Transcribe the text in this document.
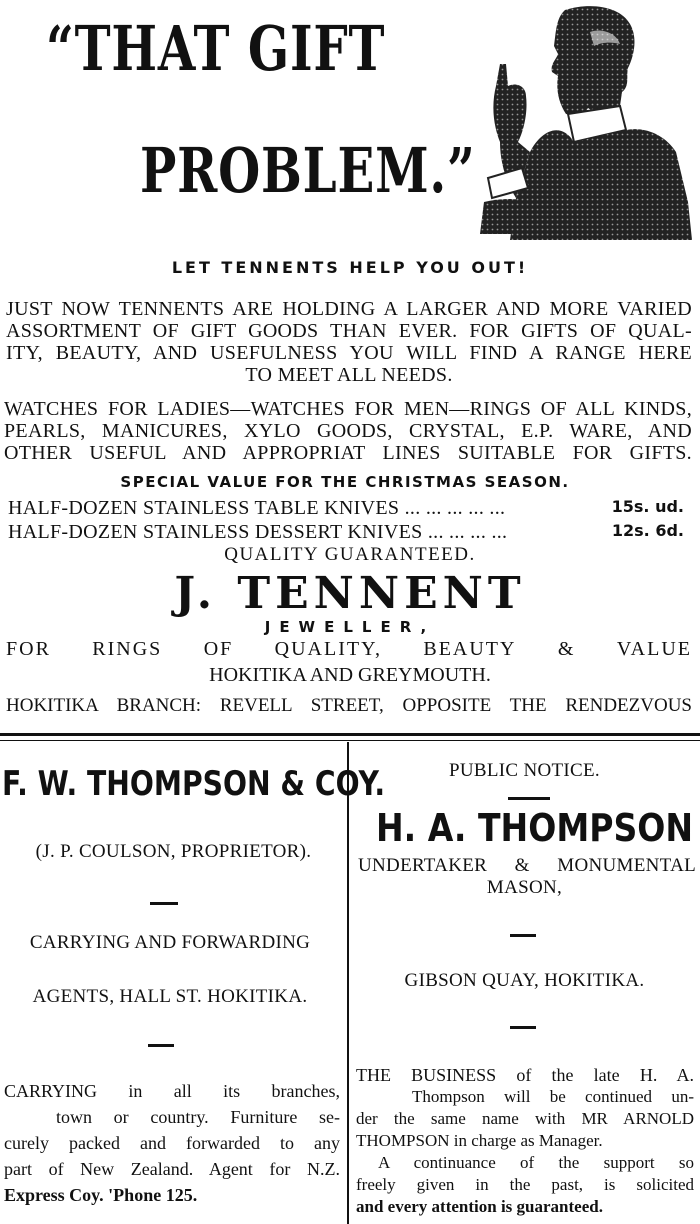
“THAT GIFT
PROBLEM.”
LET TENNENTS HELP YOU OUT!
JUST NOW TENNENTS ARE HOLDING A LARGER AND MORE VARIED
ASSORTMENT OF GIFT GOODS THAN EVER. FOR GIFTS OF QUAL-
ITY, BEAUTY, AND USEFULNESS YOU WILL FIND A RANGE HERE
TO MEET ALL NEEDS.
WATCHES FOR LADIES—WATCHES FOR MEN—RINGS OF ALL KINDS,
PEARLS, MANICURES, XYLO GOODS, CRYSTAL, E.P. WARE, AND
OTHER USEFUL AND APPROPRIAT LINES SUITABLE FOR GIFTS.
SPECIAL VALUE FOR THE CHRISTMAS SEASON.
HALF-DOZEN STAINLESS TABLE KNIVES ... ... ... ... ...	15s. ud.
HALF-DOZEN STAINLESS DESSERT KNIVES ... ... ... ...	12s. 6d.
QUALITY GUARANTEED.
J. TENNENT
JEWELLER,
FOR RINGS OF QUALITY, BEAUTY & VALUE
HOKITIKA AND GREYMOUTH.
HOKITIKA BRANCH: REVELL STREET, OPPOSITE THE RENDEZVOUS
F. W. THOMPSON & COY.
(J. P. COULSON, PROPRIETOR).
CARRYING AND FORWARDING
AGENTS, HALL ST. HOKITIKA.
CARRYING in all its branches,
town or country. Furniture se-
curely packed and forwarded to any
part of New Zealand. Agent for N.Z.
Express Coy. 'Phone 125.
PUBLIC NOTICE.
H. A. THOMPSON
UNDERTAKER & MONUMENTAL
MASON,
GIBSON QUAY, HOKITIKA.
THE BUSINESS of the late H. A.
Thompson will be continued un-
der the same name with MR ARNOLD
THOMPSON in charge as Manager.
A continuance of the support so
freely given in the past, is solicited
and every attention is guaranteed.
